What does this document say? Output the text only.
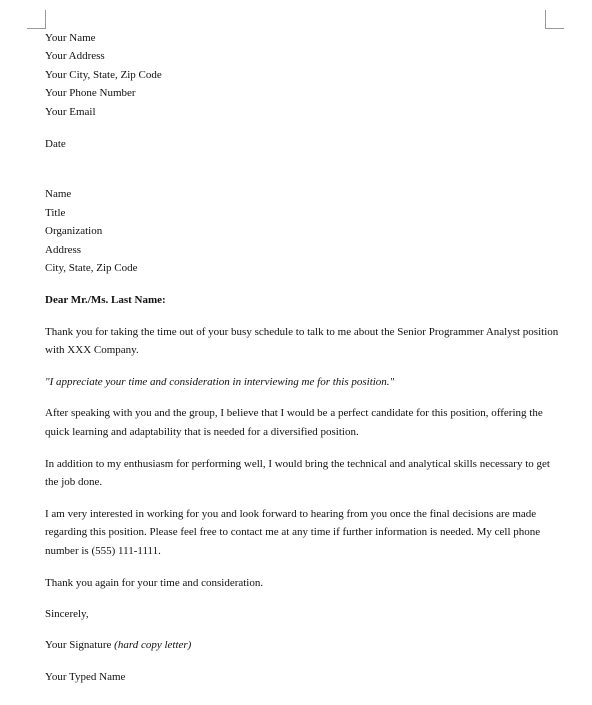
Your Name
Your Address
Your City, State, Zip Code
Your Phone Number
Your Email
Date
Name
Title
Organization
Address
City, State, Zip Code
Dear Mr./Ms. Last Name:
Thank you for taking the time out of your busy schedule to talk to me about the Senior Programmer Analyst position
with XXX Company.
"I appreciate your time and consideration in interviewing me for this position."
After speaking with you and the group, I believe that I would be a perfect candidate for this position, offering the
quick learning and adaptability that is needed for a diversified position.
In addition to my enthusiasm for performing well, I would bring the technical and analytical skills necessary to get
the job done.
I am very interested in working for you and look forward to hearing from you once the final decisions are made
regarding this position. Please feel free to contact me at any time if further information is needed. My cell phone
number is (555) 111-1111.
Thank you again for your time and consideration.
Sincerely,
Your Signature (hard copy letter)
Your Typed Name
